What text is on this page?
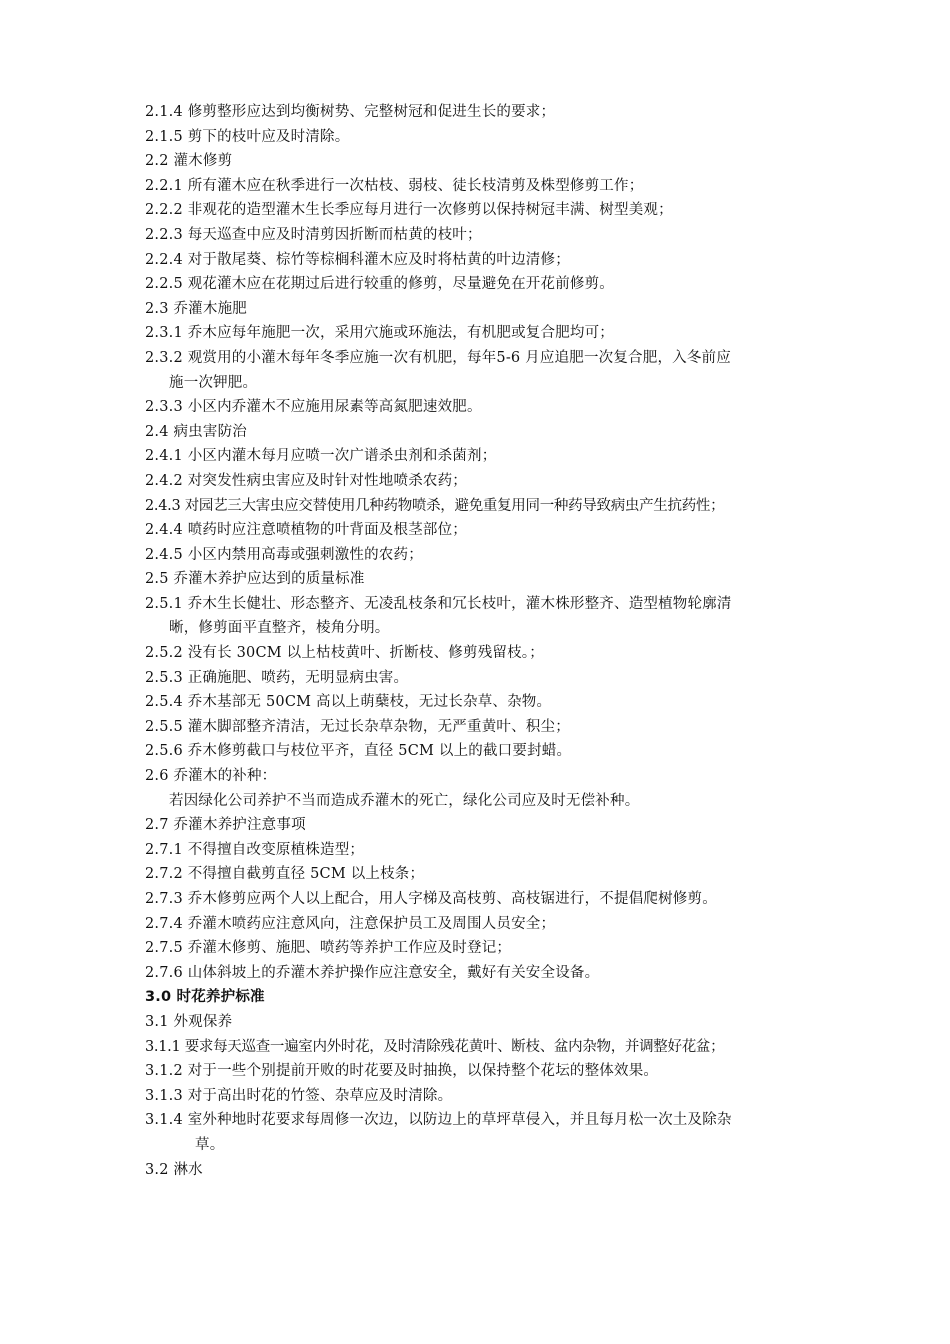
2.1.4 修剪整形应达到均衡树势、完整树冠和促进生长的要求；
2.1.5 剪下的枝叶应及时清除。
2.2 灌木修剪
2.2.1 所有灌木应在秋季进行一次枯枝、弱枝、徒长枝清剪及株型修剪工作；
2.2.2 非观花的造型灌木生长季应每月进行一次修剪以保持树冠丰满、树型美观；
2.2.3 每天巡查中应及时清剪因折断而枯黄的枝叶；
2.2.4 对于散尾葵、棕竹等棕榈科灌木应及时将枯黄的叶边清修；
2.2.5 观花灌木应在花期过后进行较重的修剪，尽量避免在开花前修剪。
2.3 乔灌木施肥
2.3.1 乔木应每年施肥一次，采用穴施或环施法，有机肥或复合肥均可；
2.3.2 观赏用的小灌木每年冬季应施一次有机肥，每年5-6 月应追肥一次复合肥，入冬前应
施一次钾肥。
2.3.3 小区内乔灌木不应施用尿素等高氮肥速效肥。
2.4 病虫害防治
2.4.1 小区内灌木每月应喷一次广谱杀虫剂和杀菌剂；
2.4.2 对突发性病虫害应及时针对性地喷杀农药；
2.4.3 对园艺三大害虫应交替使用几种药物喷杀，避免重复用同一种药导致病虫产生抗药性；
2.4.4 喷药时应注意喷植物的叶背面及根茎部位；
2.4.5 小区内禁用高毒或强刺激性的农药；
2.5 乔灌木养护应达到的质量标准
2.5.1 乔木生长健壮、形态整齐、无凌乱枝条和冗长枝叶，灌木株形整齐、造型植物轮廓清
晰，修剪面平直整齐，棱角分明。
2.5.2 没有长 30CM 以上枯枝黄叶、折断枝、修剪残留枝。；
2.5.3 正确施肥、喷药，无明显病虫害。
2.5.4 乔木基部无 50CM 高以上萌蘖枝，无过长杂草、杂物。
2.5.5 灌木脚部整齐清洁，无过长杂草杂物，无严重黄叶、积尘；
2.5.6 乔木修剪截口与枝位平齐，直径 5CM 以上的截口要封蜡。
2.6 乔灌木的补种：
若因绿化公司养护不当而造成乔灌木的死亡，绿化公司应及时无偿补种。
2.7 乔灌木养护注意事项
2.7.1 不得擅自改变原植株造型；
2.7.2 不得擅自截剪直径 5CM 以上枝条；
2.7.3 乔木修剪应两个人以上配合，用人字梯及高枝剪、高枝锯进行，不提倡爬树修剪。
2.7.4 乔灌木喷药应注意风向，注意保护员工及周围人员安全；
2.7.5 乔灌木修剪、施肥、喷药等养护工作应及时登记；
2.7.6 山体斜坡上的乔灌木养护操作应注意安全，戴好有关安全设备。
3.0 时花养护标准
3.1 外观保养
3.1.1 要求每天巡查一遍室内外时花，及时清除残花黄叶、断枝、盆内杂物，并调整好花盆；
3.1.2 对于一些个别提前开败的时花要及时抽换，以保持整个花坛的整体效果。
3.1.3 对于高出时花的竹签、杂草应及时清除。
3.1.4 室外种地时花要求每周修一次边，以防边上的草坪草侵入，并且每月松一次土及除杂
草。
3.2 淋水
